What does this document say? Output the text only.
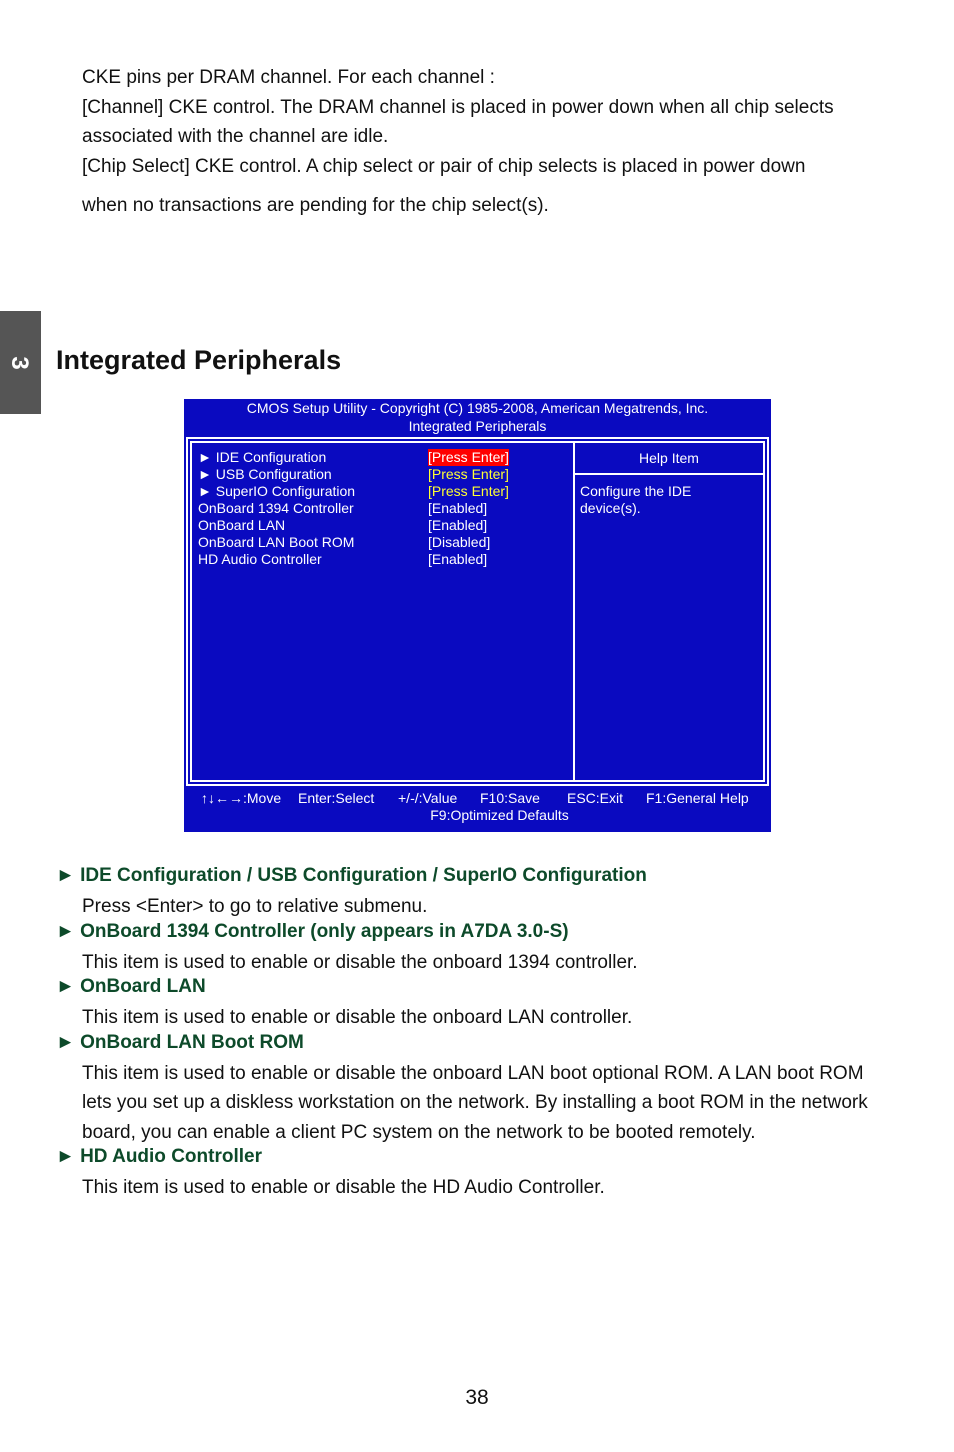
CKE pins per DRAM channel. For each channel :

[Channel] CKE control. The DRAM channel is placed in power down when all chip selects

associated with the channel are idle.

[Chip Select] CKE control. A chip select or pair of chip selects is placed in power down

when no transactions are pending for the chip select(s).

3 Integrated Peripherals
CMOS Setup Utility - Copyright (C) 1985-2008, American Megatrends, Inc.
Integrated Peripherals
► IDE Configuration	[Press Enter]
► USB Configuration	[Press Enter]
► SuperIO Configuration	[Press Enter]
OnBoard 1394 Controller	[Enabled]
OnBoard LAN	[Enabled]
OnBoard LAN Boot ROM	[Disabled]
HD Audio Controller	[Enabled]
Help Item
Configure the IDE
device(s).
↑↓←→:Move Enter:Select +/-/:Value F10:Save ESC:Exit F1:General Help
F9:Optimized Defaults

► IDE Configuration / USB Configuration / SuperIO Configuration

Press <Enter> to go to relative submenu.

► OnBoard 1394 Controller (only appears in A7DA 3.0-S)

This item is used to enable or disable the onboard 1394 controller.

► OnBoard LAN

This item is used to enable or disable the onboard LAN controller.

► OnBoard LAN Boot ROM

This item is used to enable or disable the onboard LAN boot optional ROM. A LAN boot ROM

lets you set up a diskless workstation on the network. By installing a boot ROM in the network

board, you can enable a client PC system on the network to be booted remotely.

► HD Audio Controller

This item is used to enable or disable the HD Audio Controller.

38
